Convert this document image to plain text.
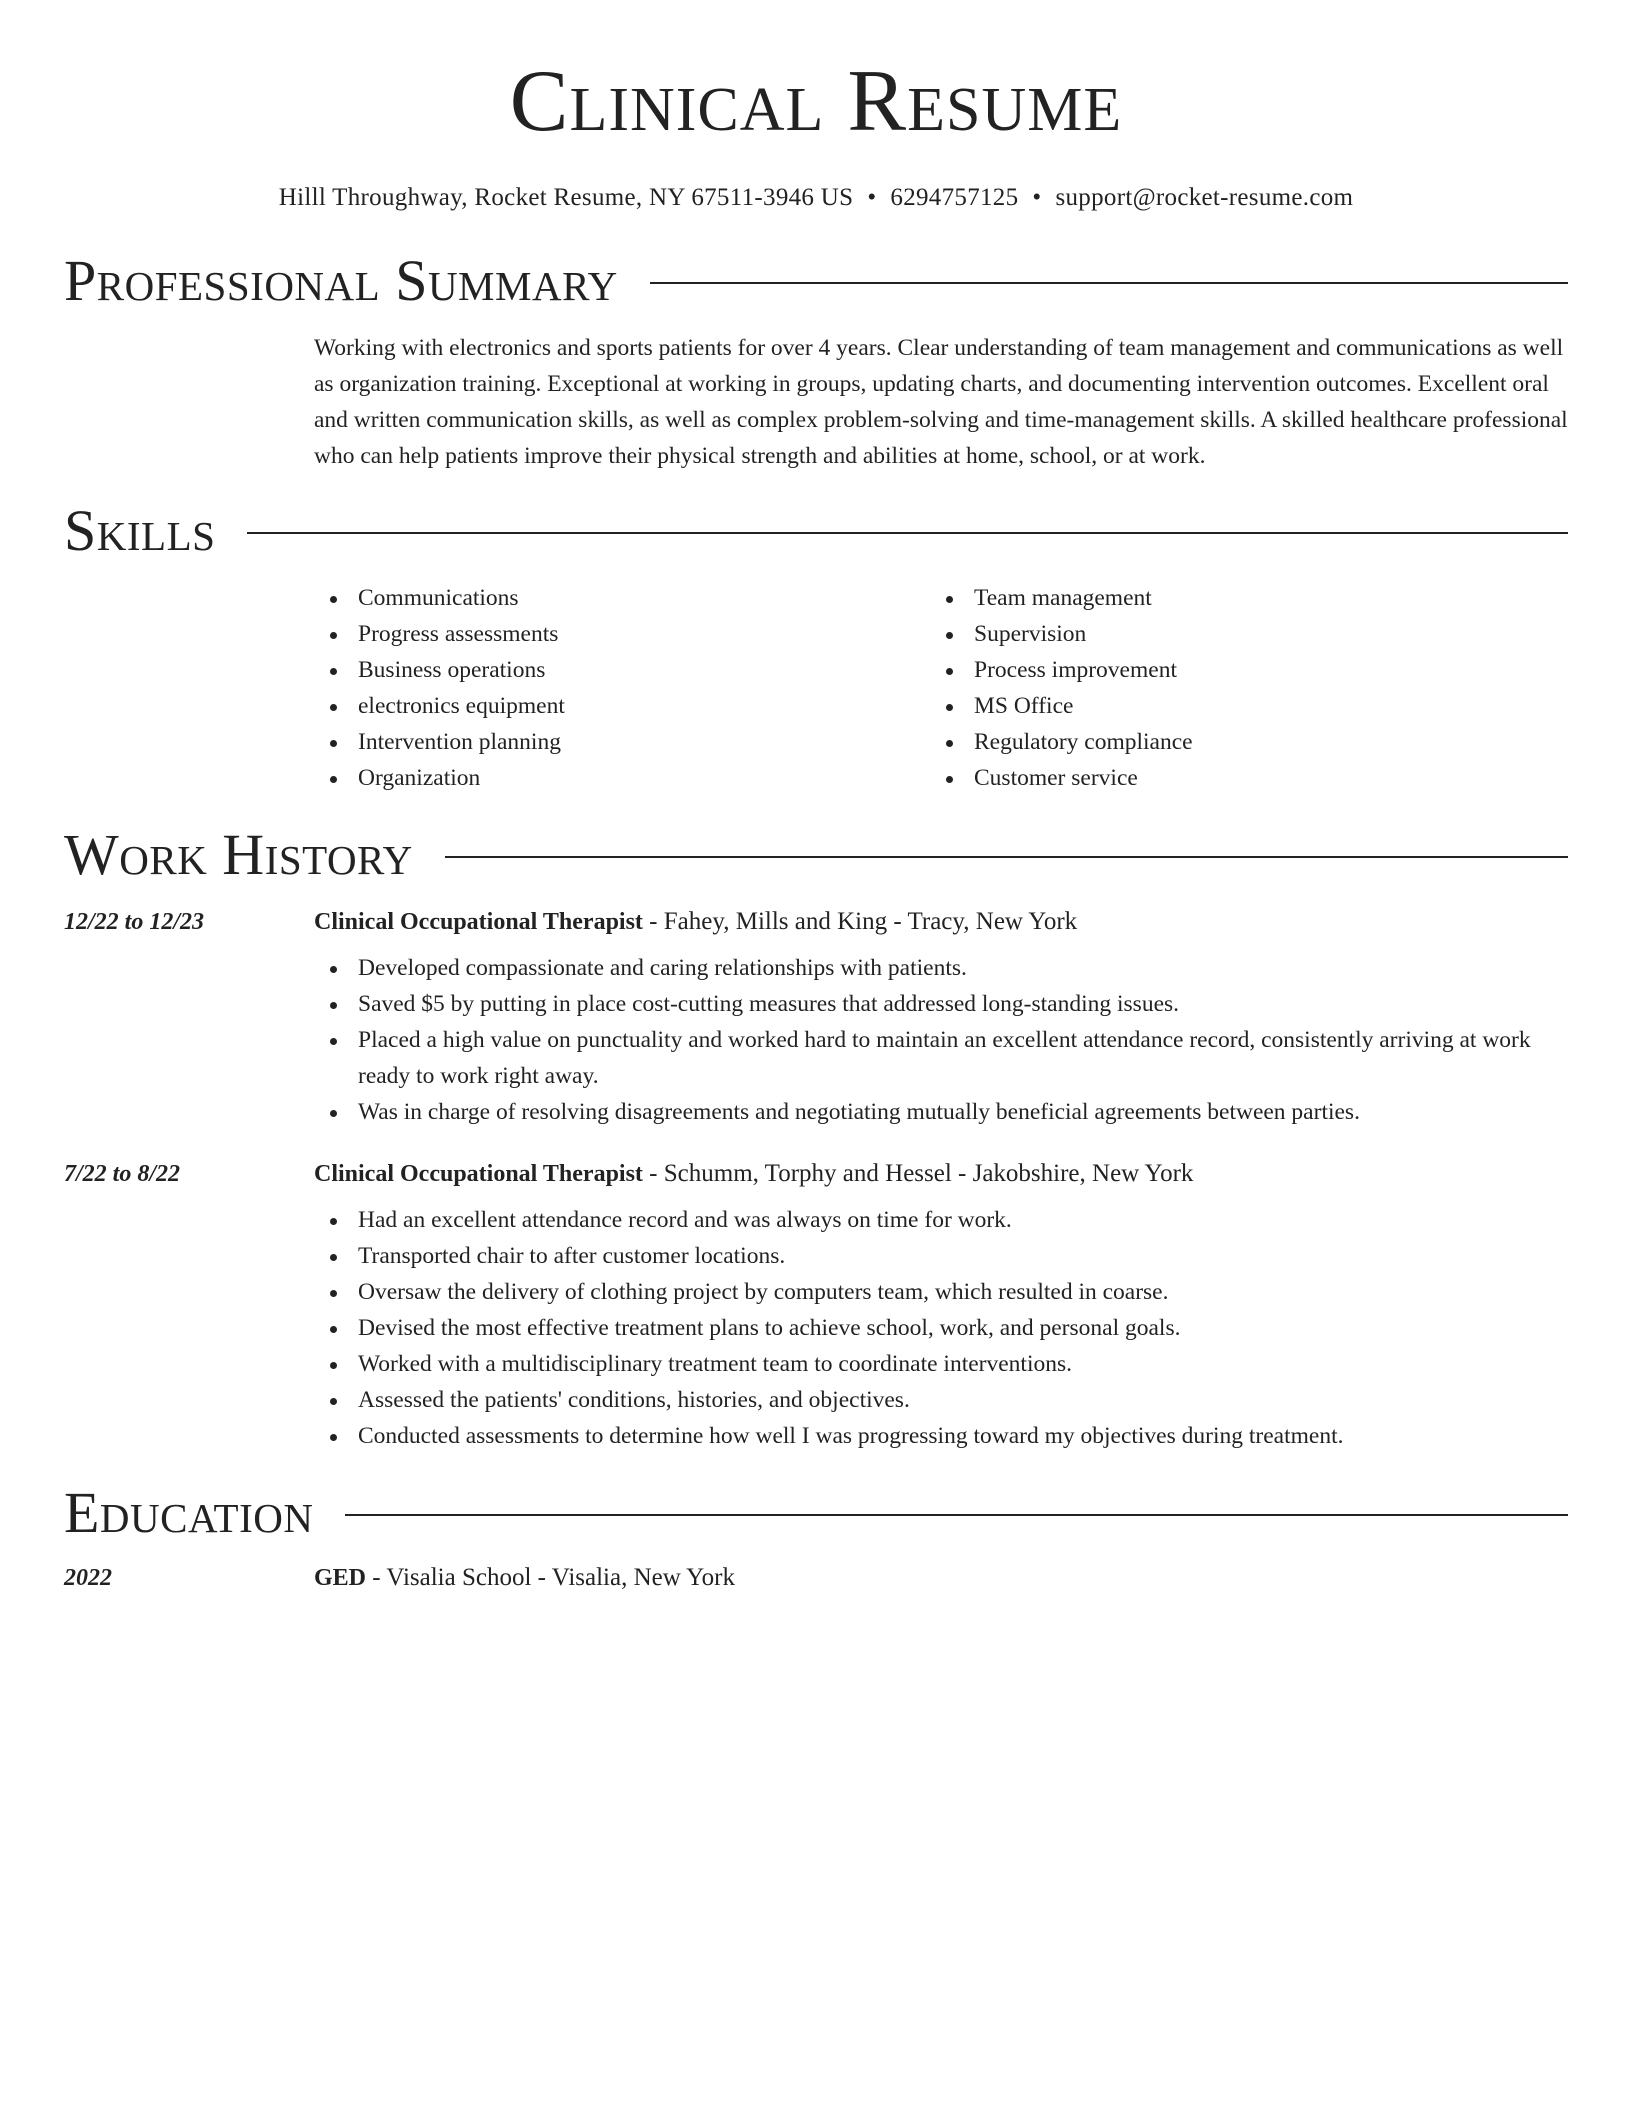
Clinical Resume
Hilll Throughway, Rocket Resume, NY 67511-3946 US • 6294757125 • support@rocket-resume.com
Professional Summary

Working with electronics and sports patients for over 4 years. Clear understanding of team management and communications as well as organization training. Exceptional at working in groups, updating charts, and documenting intervention outcomes. Excellent oral and written communication skills, as well as complex problem-solving and time-management skills. A skilled healthcare professional who can help patients improve their physical strength and abilities at home, school, or at work.

Skills
Communications
Progress assessments
Business operations
electronics equipment
Intervention planning
Organization
Team management
Supervision
Process improvement
MS Office
Regulatory compliance
Customer service
Work History
12/22 to 12/23	Clinical Occupational Therapist - Fahey, Mills and King - Tracy, New York
Developed compassionate and caring relationships with patients.
Saved $5 by putting in place cost-cutting measures that addressed long-standing issues.
Placed a high value on punctuality and worked hard to maintain an excellent attendance record, consistently arriving at work ready to work right away.
Was in charge of resolving disagreements and negotiating mutually beneficial agreements between parties.
7/22 to 8/22	Clinical Occupational Therapist - Schumm, Torphy and Hessel - Jakobshire, New York
Had an excellent attendance record and was always on time for work.
Transported chair to after customer locations.
Oversaw the delivery of clothing project by computers team, which resulted in coarse.
Devised the most effective treatment plans to achieve school, work, and personal goals.
Worked with a multidisciplinary treatment team to coordinate interventions.
Assessed the patients' conditions, histories, and objectives.
Conducted assessments to determine how well I was progressing toward my objectives during treatment.
Education
2022	GED - Visalia School - Visalia, New York
